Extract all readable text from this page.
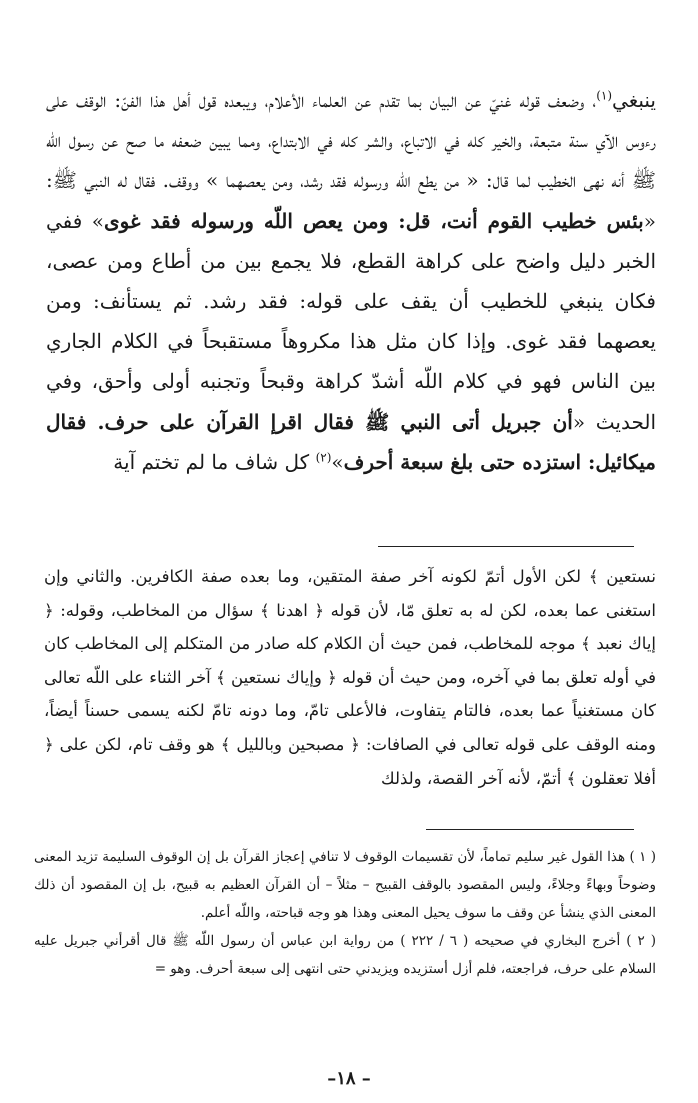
ينبغي$^{(١)}$، وضعف قوله غنيّ عن البيان بما تقدم عن العلماء الأعلام، ويبعده قول أهل هذا الفنّ: الوقف على رءوس الآي سنة متبعة، والخير كله في الاتباع، والشر كله في الابتداع، ومما يبين ضعفه ما صح عن رسول اللّه ﷺ أنه نهى الخطيب لما قال: « من يطع اللّه ورسوله فقد رشد، ومن يعصهما » ووقف. فقال له النبي ﷺ: «بئس خطيب القوم أنت، قل: ومن يعص اللّه ورسوله فقد غوى» ففي الخبر دليل واضح على كراهة القطع، فلا يجمع بين من أطاع ومن عصى، فكان ينبغي للخطيب أن يقف على قوله: فقد رشد. ثم يستأنف: ومن يعصهما فقد غوى. وإذا كان مثل هذا مكروهاً مستقبحاً في الكلام الجاري بين الناس فهو في كلام اللّه أشدّ كراهة وقبحاً وتجنبه أولى وأحق، وفي الحديث «أن جبريل أتى النبي ﷺ فقال اقرإ القرآن على حرف. فقال ميكائيل: استزده حتى بلغ سبعة أحرف»$^{(٢)}$ كل شاف ما لم تختم آية

نستعين ﴾ لكن الأول أتمّ لكونه آخر صفة المتقين، وما بعده صفة الكافرين. والثاني وإن استغنى عما بعده، لكن له به تعلق مّا، لأن قوله ﴿ اهدنا ﴾ سؤال من المخاطب، وقوله: ﴿ إياك نعبد ﴾ موجه للمخاطب، فمن حيث أن الكلام كله صادر من المتكلم إلى المخاطب كان في أوله تعلق بما في آخره، ومن حيث أن قوله ﴿ وإياك نستعين ﴾ آخر الثناء على اللّه تعالى كان مستغنياً عما بعده، فالتام يتفاوت، فالأعلى تامّ، وما دونه تامّ لكنه يسمى حسناً أيضاً، ومنه الوقف على قوله تعالى في الصافات: ﴿ مصبحين وبالليل ﴾ هو وقف تام، لكن على ﴿ أفلا تعقلون ﴾ أتمّ، لأنه آخر القصة، ولذلك

( ١ ) هذا القول غير سليم تماماً، لأن تقسيمات الوقوف لا تنافي إعجاز القرآن بل إن الوقوف السليمة تزيد المعنى وضوحاً وبهاءً وجلاءً، وليس المقصود بالوقف القبيح – مثلاً – أن القرآن العظيم به قبيح، بل إن المقصود أن ذلك المعنى الذي ينشأ عن وقف ما سوف يحيل المعنى وهذا هو وجه قباحته، واللّه أعلم.

( ٢ ) أخرج البخاري في صحيحه ( ٦ / ٢٢٢ ) من رواية ابن عباس أن رسول اللّه ﷺ قال أقرأني جبريل عليه السلام على حرف، فراجعته، فلم أزل أستزيده ويزيدني حتى انتهى إلى سبعة أحرف. وهو =

– ١٨–
